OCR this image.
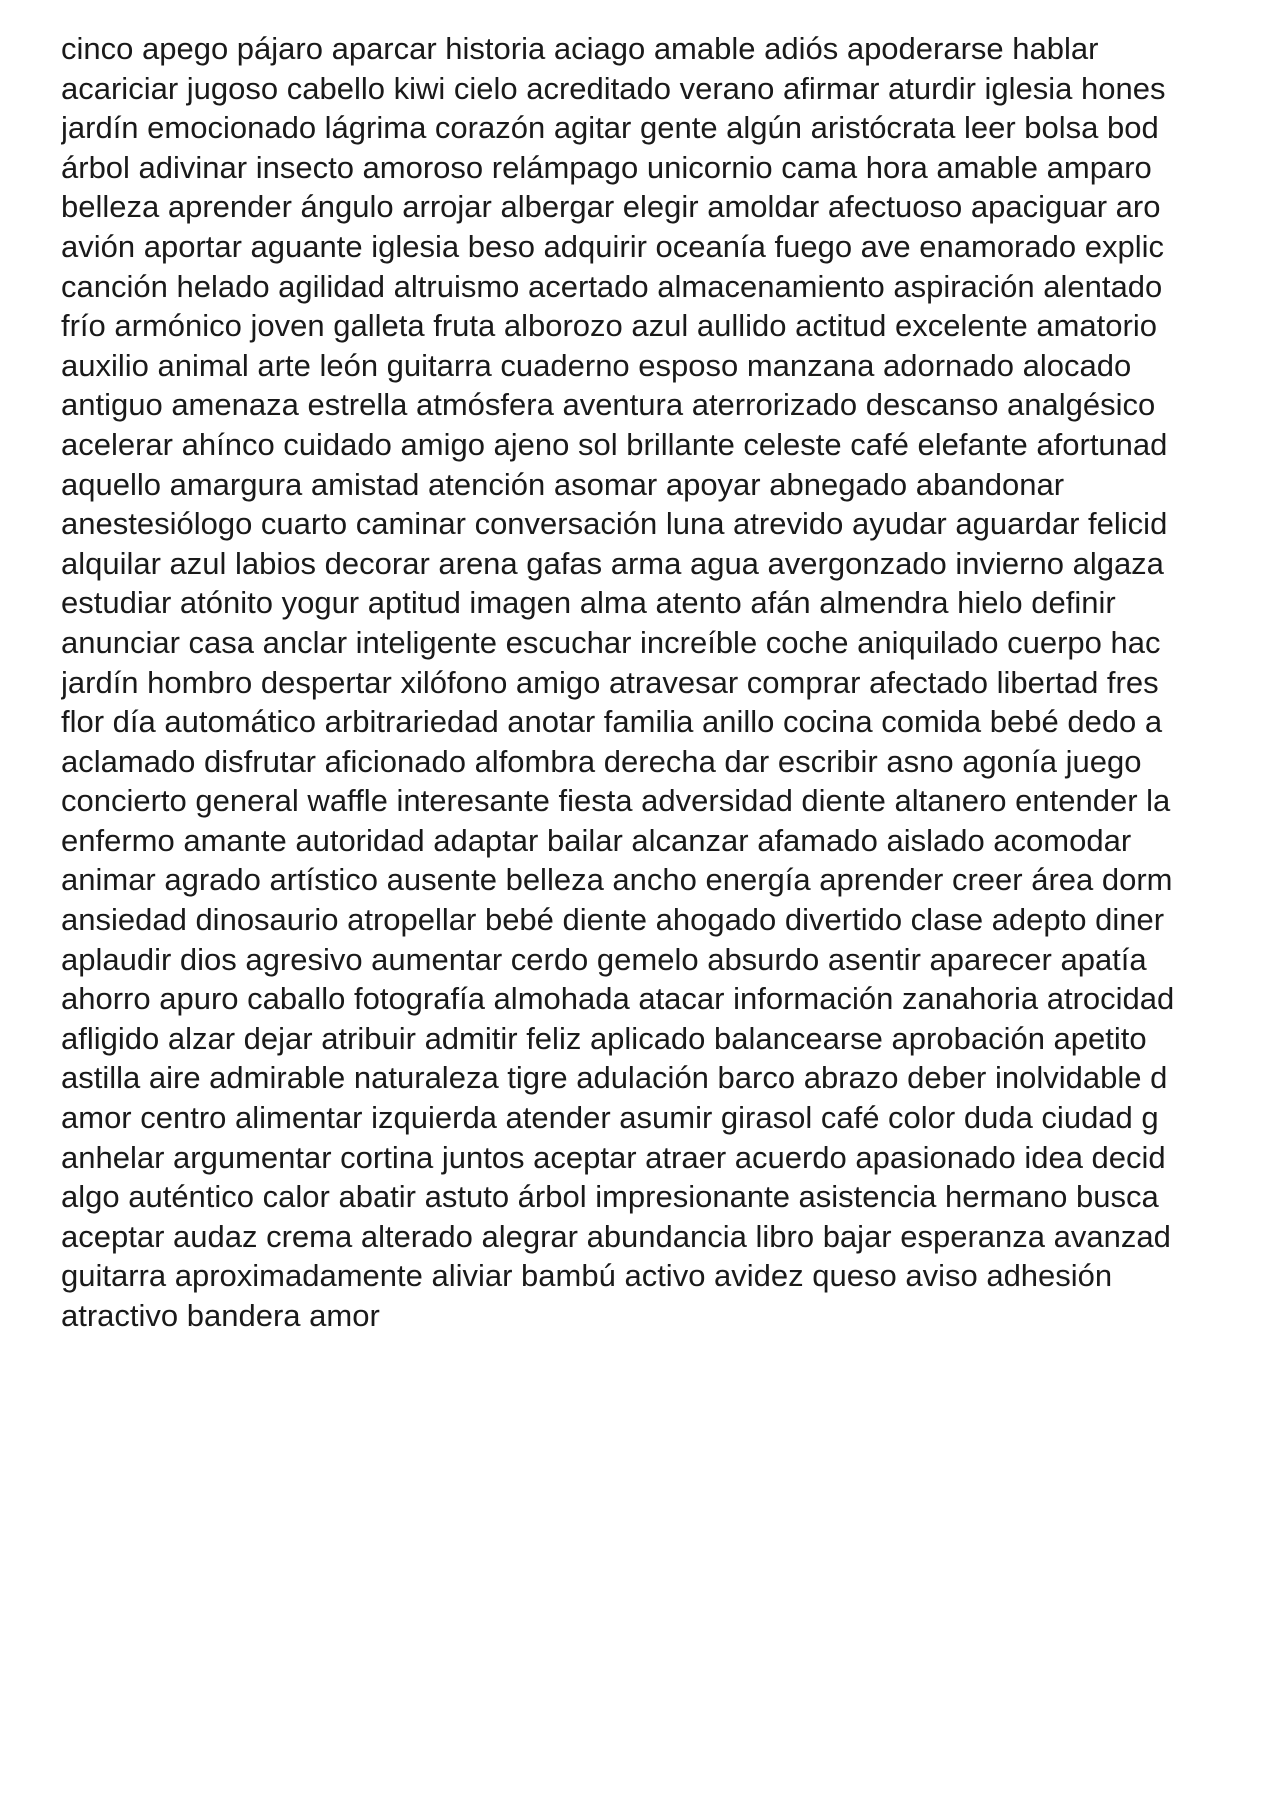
cinco apego pájaro aparcar historia aciago amable adiós apoderarse hablar
acariciar jugoso cabello kiwi cielo acreditado verano afirmar aturdir iglesia hones
jardín emocionado lágrima corazón agitar gente algún aristócrata leer bolsa bod
árbol adivinar insecto amoroso relámpago unicornio cama hora amable amparo
belleza aprender ángulo arrojar albergar elegir amoldar afectuoso apaciguar aro
avión aportar aguante iglesia beso adquirir oceanía fuego ave enamorado explic
canción helado agilidad altruismo acertado almacenamiento aspiración alentado
frío armónico joven galleta fruta alborozo azul aullido actitud excelente amatorio
auxilio animal arte león guitarra cuaderno esposo manzana adornado alocado
antiguo amenaza estrella atmósfera aventura aterrorizado descanso analgésico
acelerar ahínco cuidado amigo ajeno sol brillante celeste café elefante afortunad
aquello amargura amistad atención asomar apoyar abnegado abandonar
anestesiólogo cuarto caminar conversación luna atrevido ayudar aguardar felicid
alquilar azul labios decorar arena gafas arma agua avergonzado invierno algaza
estudiar atónito yogur aptitud imagen alma atento afán almendra hielo definir
anunciar casa anclar inteligente escuchar increíble coche aniquilado cuerpo hac
jardín hombro despertar xilófono amigo atravesar comprar afectado libertad fres
flor día automático arbitrariedad anotar familia anillo cocina comida bebé dedo a
aclamado disfrutar aficionado alfombra derecha dar escribir asno agonía juego
concierto general waffle interesante fiesta adversidad diente altanero entender la
enfermo amante autoridad adaptar bailar alcanzar afamado aislado acomodar
animar agrado artístico ausente belleza ancho energía aprender creer área dorm
ansiedad dinosaurio atropellar bebé diente ahogado divertido clase adepto diner
aplaudir dios agresivo aumentar cerdo gemelo absurdo asentir aparecer apatía
ahorro apuro caballo fotografía almohada atacar información zanahoria atrocidad
afligido alzar dejar atribuir admitir feliz aplicado balancearse aprobación apetito
astilla aire admirable naturaleza tigre adulación barco abrazo deber inolvidable d
amor centro alimentar izquierda atender asumir girasol café color duda ciudad g
anhelar argumentar cortina juntos aceptar atraer acuerdo apasionado idea decid
algo auténtico calor abatir astuto árbol impresionante asistencia hermano busca
aceptar audaz crema alterado alegrar abundancia libro bajar esperanza avanzad
guitarra aproximadamente aliviar bambú activo avidez queso aviso adhesión
atractivo bandera amor
